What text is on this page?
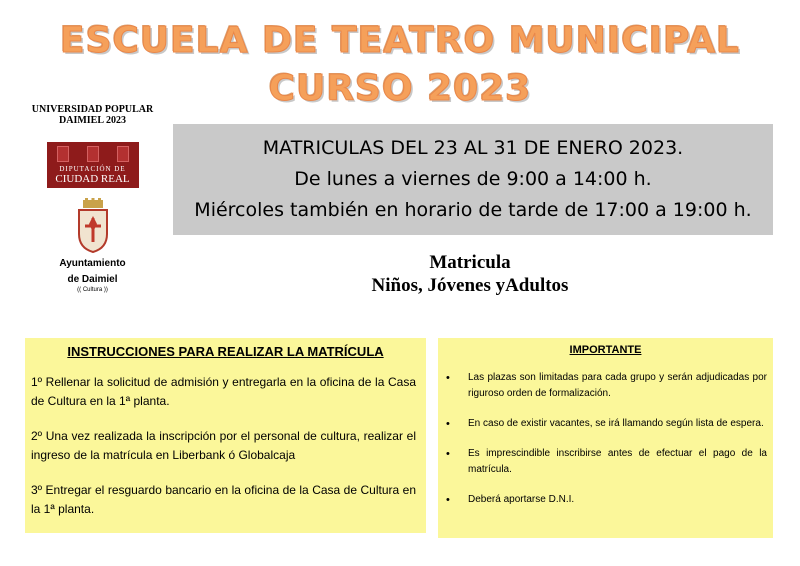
ESCUELA DE TEATRO MUNICIPAL
CURSO 2023
UNIVERSIDAD POPULAR
DAIMIEL 2023
DIPUTACIÓN DE
CIUDAD REAL
Ayuntamiento
de Daimiel
(( Cultura ))
MATRICULAS DEL 23 AL 31 DE ENERO 2023.
De lunes a viernes de 9:00 a 14:00 h.
Miércoles también en horario de tarde de 17:00 a 19:00 h.
Matricula
Niños, Jóvenes yAdultos
INSTRUCCIONES PARA REALIZAR LA MATRÍCULA

1º Rellenar la solicitud de admisión y entregarla en la oficina de la Casa de Cultura en la 1ª planta.

2º Una vez realizada la inscripción por el personal de cultura, realizar el ingreso de la matrícula en Liberbank ó Globalcaja

3º Entregar el resguardo bancario en la oficina de la Casa de Cultura en la 1ª planta.

IMPORTANTE
• Las plazas son limitadas para cada grupo y serán adjudicadas por riguroso orden de formalización.
• En caso de existir vacantes, se irá llamando según lista de espera.
• Es imprescindible inscribirse antes de efectuar el pago de la matrícula.
• Deberá aportarse D.N.I.
